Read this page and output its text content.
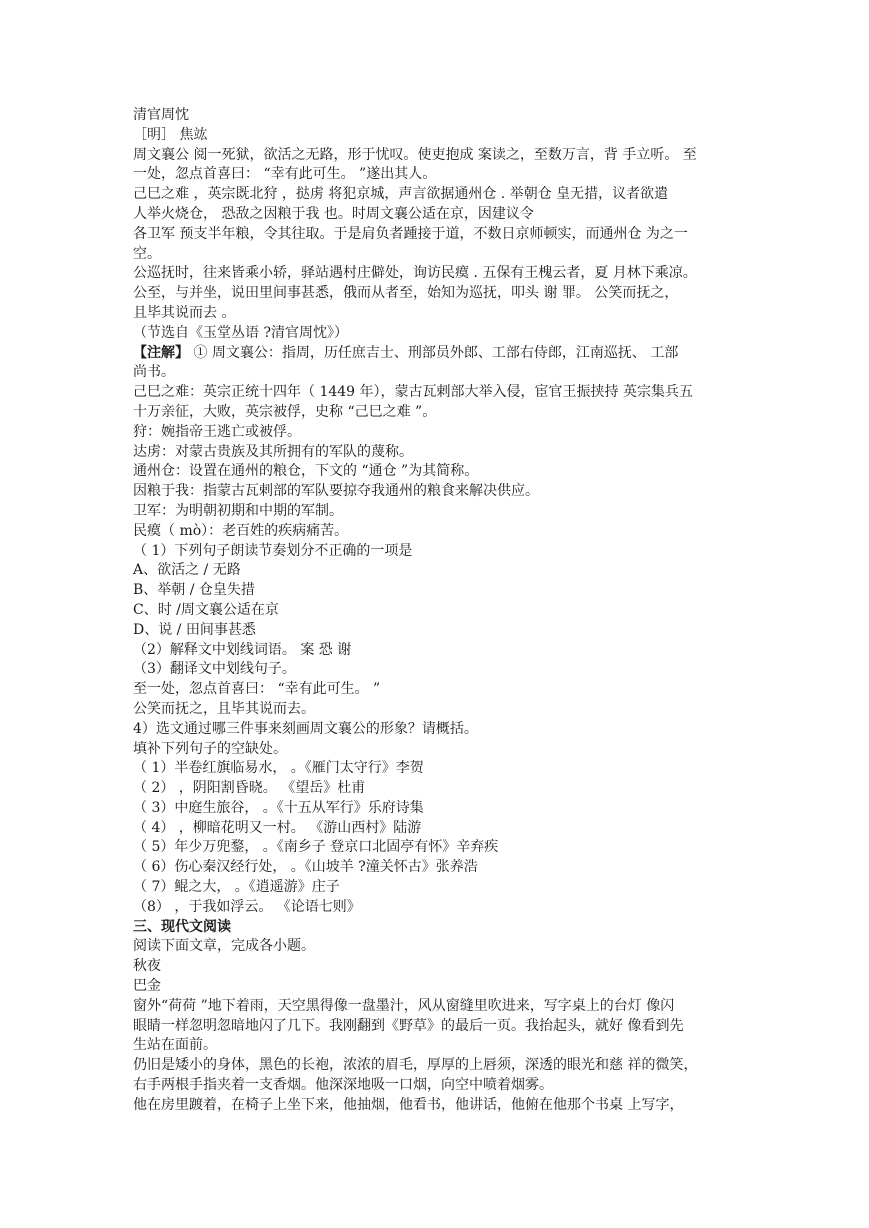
清官周忱

［明］ 焦竑

周文襄公 阅一死狱，欲活之无路，形于忧叹。使吏抱成 案读之，至数万言，背 手立听。 至

一处，忽点首喜曰： “幸有此可生。 ”遂出其人。

己巳之难 ，英宗既北狩 ，挞虏 将犯京城，声言欲据通州仓 . 举朝仓 皇无措，议者欲遣

人举火烧仓， 恐敌之因粮于我 也。时周文襄公适在京，因建议令

各卫军 预支半年粮，令其往取。于是肩负者踵接于道，不数日京师顿实，而通州仓 为之一

空。

公巡抚时，往来皆乘小轿，驿站遇村庄僻处，询访民瘼 . 五保有王槐云者，夏 月林下乘凉。

公至，与并坐，说田里间事甚悉，俄而从者至，始知为巡抚，叩头 谢 罪。 公笑而抚之，

且毕其说而去 。

（节选自《玉堂丛语 ?清官周忱》）

【注解】 ① 周文襄公：指周，历任庶吉士、刑部员外郎、工部右侍郎，江南巡抚、 工部

尚书。

己巳之难：英宗正统十四年（ 1449 年），蒙古瓦剌部大举入侵，宦官王振挟持 英宗集兵五

十万亲征，大败，英宗被俘，史称 “己巳之难 ”。

狩：婉指帝王逃亡或被俘。

达虏：对蒙古贵族及其所拥有的军队的蔑称。

通州仓：设置在通州的粮仓，下文的 “通仓 ”为其简称。

因粮于我：指蒙古瓦剌部的军队要掠夺我通州的粮食来解决供应。

卫军：为明朝初期和中期的军制。

民瘼（ mò）：老百姓的疾病痛苦。

（ 1）下列句子朗读节奏划分不正确的一项是

A、欲活之 / 无路

B、举朝 / 仓皇失措

C、时 /周文襄公适在京

D、说 / 田间事甚悉

（2）解释文中划线词语。 案 恐 谢

（3）翻译文中划线句子。

至一处，忽点首喜曰： “幸有此可生。 ”

公笑而抚之，且毕其说而去。

4）选文通过哪三件事来刻画周文襄公的形象？请概括。

填补下列句子的空缺处。

（ 1）半卷红旗临易水， 。《雁门太守行》李贺

（ 2） ，阴阳割昏晓。 《望岳》杜甫

（ 3）中庭生旅谷， 。《十五从军行》乐府诗集

（ 4） ，柳暗花明又一村。 《游山西村》陆游

（ 5）年少万兜鍪， 。《南乡子 登京口北固亭有怀》辛弃疾

（ 6）伤心秦汉经行处， 。《山坡羊 ?潼关怀古》张养浩

（ 7）鲲之大， 。《逍遥游》庄子

（8） ，于我如浮云。 《论语七则》

三、现代文阅读

阅读下面文章，完成各小题。

秋夜

巴金

窗外“荷荷 ”地下着雨，天空黑得像一盘墨汁，风从窗缝里吹进来，写字桌上的台灯 像闪

眼睛一样忽明忽暗地闪了几下。我刚翻到《野草》的最后一页。我抬起头，就好 像看到先

生站在面前。

仍旧是矮小的身体，黑色的长袍，浓浓的眉毛，厚厚的上唇须，深透的眼光和慈 祥的微笑，

右手两根手指夹着一支香烟。他深深地吸一口烟，向空中喷着烟雾。

他在房里踱着，在椅子上坐下来，他抽烟，他看书，他讲话，他俯在他那个书桌 上写字，
